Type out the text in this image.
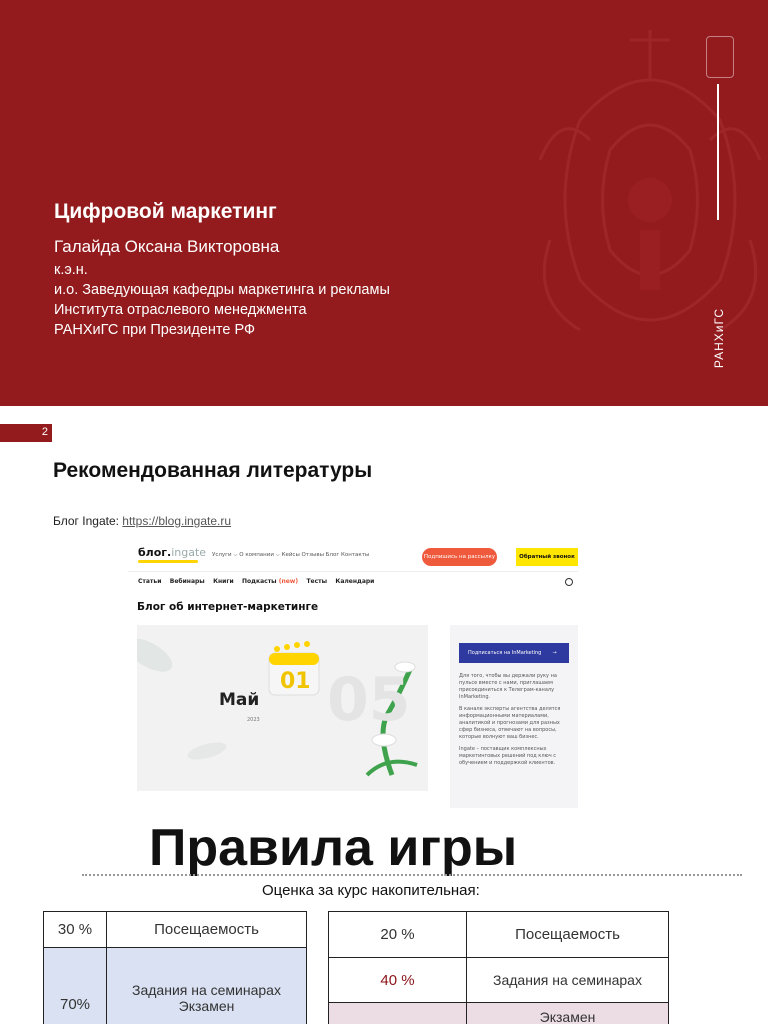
РАНХиГС
Цифровой маркетинг
Галайда Оксана Викторовна
к.э.н.
и.о. Заведующая кафедры маркетинга и рекламы
Института отраслевого менеджмента
РАНХиГС при Президенте РФ
2
Рекомендованная литературы
Блог Ingate: https://blog.ingate.ru
блог.ingate Услуги ⌵ О компании ⌵ Кейсы Отзывы Блог Контакты	Подпишись на рассылку	Обратный звонок
Статьи Вебинары Книги Подкасты (new) Тесты Календари
Блог об интернет-маркетинге
01
Май
2023 05
Подписаться на InMarketing       →

Для того, чтобы вы держали руку на пульсе вместе с нами, приглашаем присоединиться к Телеграм-каналу InMarketing.

В канале эксперты агентства делятся информационными материалами, аналитикой и прогнозами для разных сфер бизнеса, отвечают на вопросы, которые волнуют ваш бизнес.

Ingate – поставщик комплексных маркетинговых решений под ключ с обучением и поддержкой клиентов.

Правила игры
Оценка за курс накопительная:
30 %	Посещаемость
70%	Задания на семинарах
Экзамен
20 %	Посещаемость
40 %	Задания на семинарах
	Экзамен
